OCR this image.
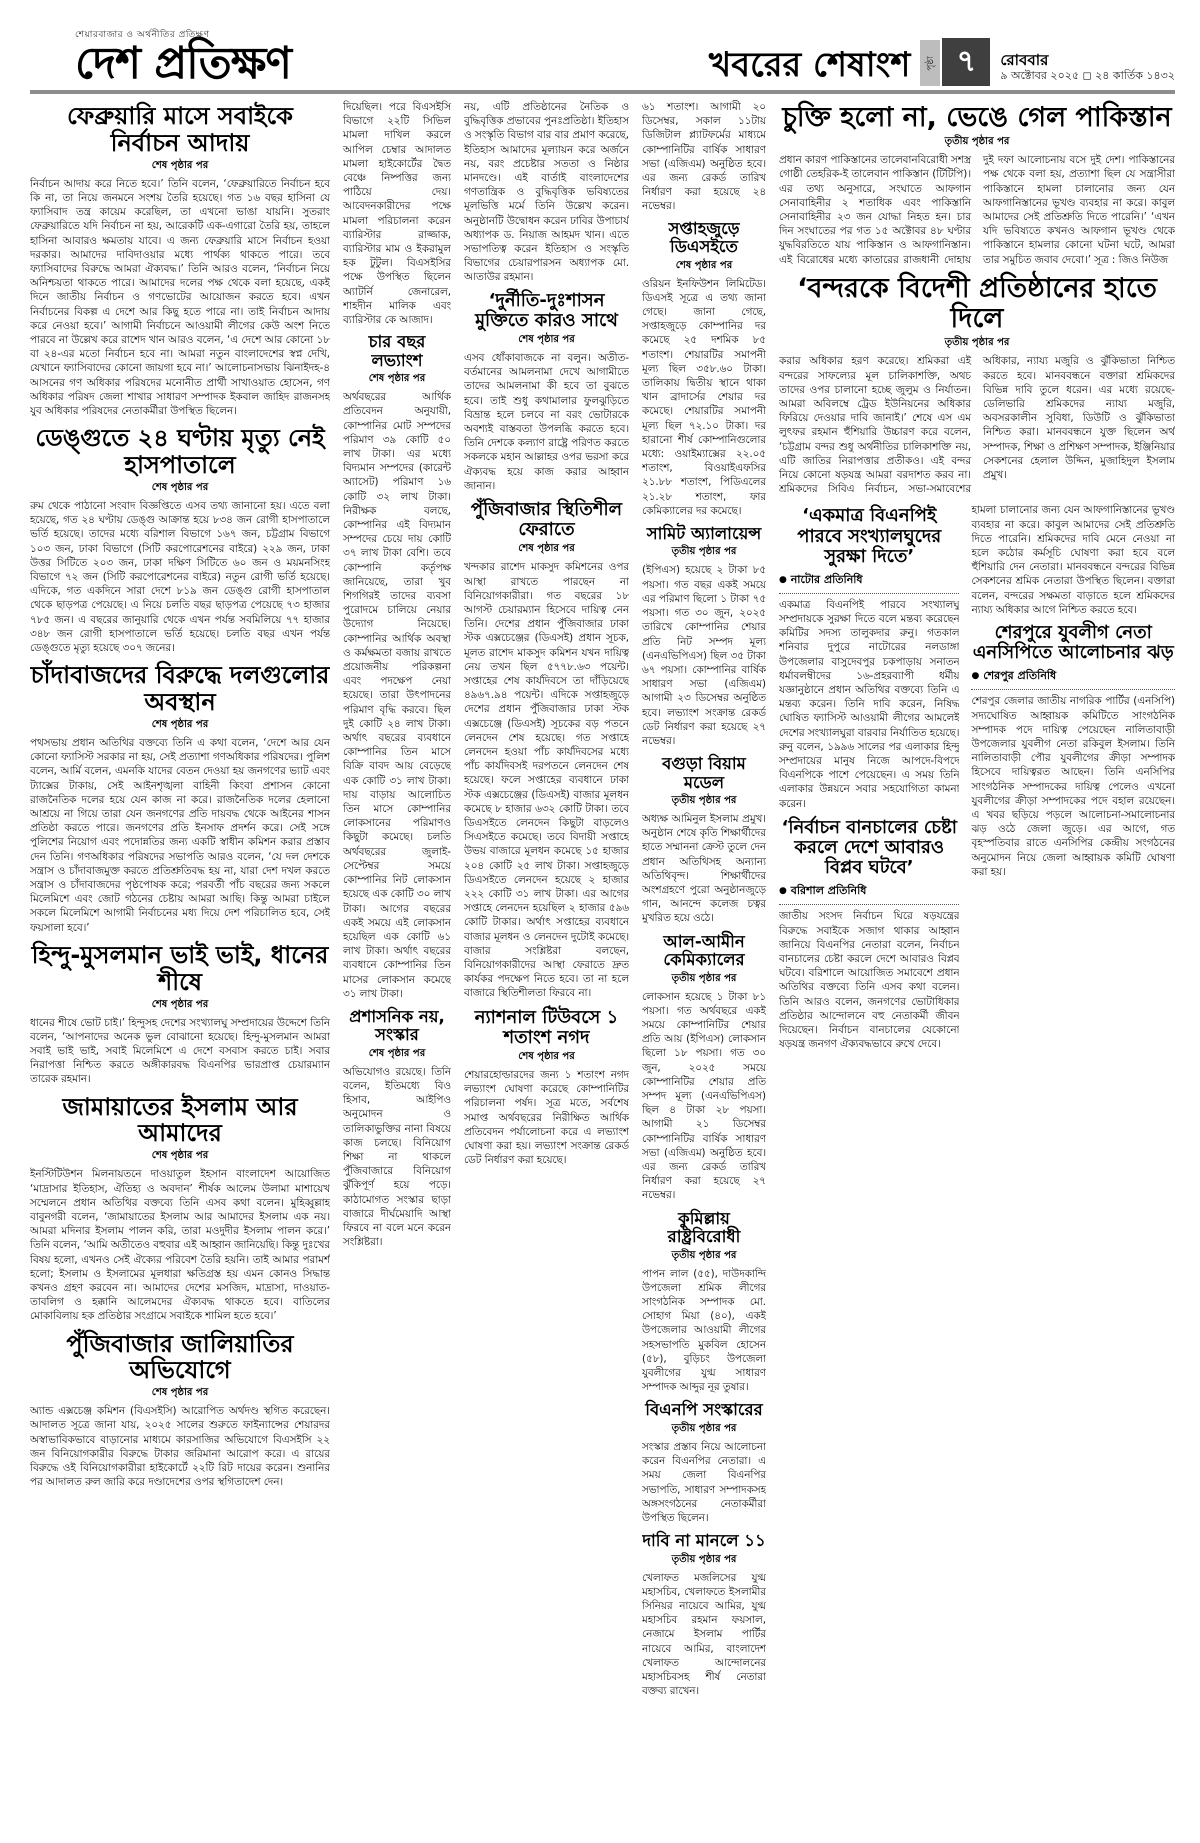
শেয়ারবাজার ও অর্থনীতির প্রতিক্ষণ
দেশ প্রতিক্ষণ	খবরের শেষাংশ	পৃষ্ঠা ৭	রোববার
৯ অক্টোবর ২০২৫ ◻ ২৪ কার্তিক ১৪৩২
ফেব্রুয়ারি মাসে সবাইকে নির্বাচন আদায়
শেষ পৃষ্ঠার পর

নির্বাচন আদায় করে নিতে হবে।’ তিনি বলেন, ‘ফেব্রুয়ারিতে নির্বাচন হবে কি না, তা নিয়ে জনমনে সংশয় তৈরি হয়েছে। গত ১৬ বছর হাসিনা যে ফ্যাসিবাদ তন্ত্র কায়েম করেছিল, তা এখনো ভাঙা যায়নি। সুতরাং ফেব্রুয়ারিতে যদি নির্বাচন না হয়, আরেকটি এক-এগারো তৈরি হয়, তাহলে হাসিনা আবারও ক্ষমতায় যাবে। এ জন্য ফেব্রুয়ারি মাসে নির্বাচন হওয়া দরকার। আমাদের দাবিদাওয়ার মধ্যে পার্থক্য থাকতে পারে। তবে ফ্যাসিবাদের বিরুদ্ধে আমরা ঐক্যবদ্ধ।’ তিনি আরও বলেন, ‘নির্বাচন নিয়ে অনিশ্চয়তা থাকতে পারে। আমাদের দলের পক্ষ থেকে বলা হয়েছে, একই দিনে জাতীয় নির্বাচন ও গণভোটের আয়োজন করতে হবে। এখন নির্বাচনের বিকল্প এ দেশে আর কিছু হতে পারে না। তাই নির্বাচন আদায় করে নেওয়া হবে।’ আগামী নির্বাচনে আওয়ামী লীগের কেউ অংশ নিতে পারবে না উল্লেখ করে রাশেদ খান আরও বলেন, ‘এ দেশে আর কোনো ১৮ বা ২৪-এর মতো নির্বাচন হবে না। আমরা নতুন বাংলাদেশের স্বপ্ন দেখি, যেখানে ফ্যাসিবাদের কোনো জায়গা হবে না।’ আলোচনাসভায় ঝিনাইদহ-৪ আসনের গণ অধিকার পরিষদের মনোনীত প্রার্থী সাখাওয়াত হোসেন, গণ অধিকার পরিষদ জেলা শাখার সাধারণ সম্পাদক ইকবাল জাহিদ রাজনসহ যুব অধিকার পরিষদের নেতাকর্মীরা উপস্থিত ছিলেন।

ডেঙ্গুতে ২৪ ঘণ্টায় মৃত্যু নেই হাসপাতালে
শেষ পৃষ্ঠার পর

রুম থেকে পাঠানো সংবাদ বিজ্ঞপ্তিতে এসব তথ্য জানানো হয়। এতে বলা হয়েছে, গত ২৪ ঘণ্টায় ডেঙ্গু আক্রান্ত হয়ে ৮৩৪ জন রোগী হাসপাতালে ভর্তি হয়েছে। তাদের মধ্যে বরিশাল বিভাগে ১৬৭ জন, চট্টগ্রাম বিভাগে ১০৩ জন, ঢাকা বিভাগে (সিটি করপোরেশনের বাইরে) ২২৯ জন, ঢাকা উত্তর সিটিতে ২০৩ জন, ঢাকা দক্ষিণ সিটিতে ৬০ জন ও ময়মনসিংহ বিভাগে ৭২ জন (সিটি করপোরেশনের বাইরে) নতুন রোগী ভর্তি হয়েছে। এদিকে, গত একদিনে সারা দেশে ৮১৯ জন ডেঙ্গু রোগী হাসপাতাল থেকে ছাড়পত্র পেয়েছে। এ নিয়ে চলতি বছর ছাড়পত্র পেয়েছে ৭৩ হাজার ৭৮৫ জন। এ বছরের জানুয়ারি থেকে এখন পর্যন্ত সবমিলিয়ে ৭৭ হাজার ৩৪৮ জন রোগী হাসপাতালে ভর্তি হয়েছে। চলতি বছর এখন পর্যন্ত ডেঙ্গুতে মৃত্যু হয়েছে ৩০৭ জনের।

চাঁদাবাজদের বিরুদ্ধে দলগুলোর অবস্থান
শেষ পৃষ্ঠার পর

পথসভায় প্রধান অতিথির বক্তব্যে তিনি এ কথা বলেন, ‘দেশে আর যেন কোনো ফ্যাসিস্ট সরকার না হয়, সেই প্রত্যাশা গণঅধিকার পরিষদের। পুলিশ বলেন, আর্মি বলেন, এমনকি যাদের বেতন দেওয়া হয় জনগণের ভ্যাট এবং ট্যাক্সের টাকায়, সেই আইনশৃঙ্খলা বাহিনী কিংবা প্রশাসন কোনো রাজনৈতিক দলের হয়ে যেন কাজ না করে। রাজনৈতিক দলের হেলানো আশ্রয়ে না গিয়ে তারা যেন জনগণের প্রতি দায়বদ্ধ থেকে আইনের শাসন প্রতিষ্ঠা করতে পারে। জনগণের প্রতি ইনসাফ প্রদর্শন করে। সেই সঙ্গে পুলিশের নিয়োগ এবং পদোন্নতির জন্য একটি স্বাধীন কমিশন করার প্রস্তাব দেন তিনি। গণঅধিকার পরিষদের সভাপতি আরও বলেন, ‘যে দল দেশকে সন্ত্রাস ও চাঁদাবাজমুক্ত করতে প্রতিশ্রুতিবদ্ধ হয় না, যারা দেশ দখল করতে সন্ত্রাস ও চাঁদাবাজদের পৃষ্ঠপোষক করে; পরবর্তী পাঁচ বছরের জন্য সকলে মিলেমিশে এবং জোট গঠনের চেষ্টায় আমরা আছি। কিন্তু আমরা চাইলে সকলে মিলেমিশে আগামী নির্বাচনের মধ্য দিয়ে দেশ পরিচালিত হবে, সেই ফয়সালা হবে।’

হিন্দু-মুসলমান ভাই ভাই, ধানের শীষে
শেষ পৃষ্ঠার পর

ধানের শীষে ভোট চাই।’ হিন্দুসহ দেশের সংখ্যালঘু সম্প্রদায়ের উদ্দেশে তিনি বলেন, ‘আপনাদের অনেক ভুল বোঝানো হয়েছে। হিন্দু-মুসলমান আমরা সবাই ভাই ভাই, সবাই মিলেমিশে এ দেশে বসবাস করতে চাই। সবার নিরাপত্তা নিশ্চিত করতে অঙ্গীকারবদ্ধ বিএনপির ভারপ্রাপ্ত চেয়ারম্যান তারেক রহমান।

জামায়াতের ইসলাম আর আমাদের
শেষ পৃষ্ঠার পর

ইনস্টিটিউশন মিলনায়তনে দাওয়াতুল ইহসান বাংলাদেশ আয়োজিত ‘মাদ্রাসার ইতিহাস, ঐতিহ্য ও অবদান’ শীর্ষক আলেম উলামা মাশায়েখ সম্মেলনে প্রধান অতিথির বক্তব্যে তিনি এসব কথা বলেন। মুহিব্বুল্লাহ বাবুনগরী বলেন, ‘জামায়াতের ইসলাম আর আমাদের ইসলাম এক নয়। আমরা মদিনার ইসলাম পালন করি, তারা মওদুদীর ইসলাম পালন করে।’ তিনি বলেন, ‘আমি অতীতেও বহুবার এই আহ্বান জানিয়েছি। কিন্তু দুঃখের বিষয় হলো, এখনও সেই ঐক্যের পরিবেশ তৈরি হয়নি। তাই আমার পরামর্শ হলো; ইসলাম ও ইসলামের মূলধারা ক্ষতিগ্রস্ত হয় এমন কোনও সিদ্ধান্ত কখনও গ্রহণ করবেন না। আমাদের দেশের মসজিদ, মাদ্রাসা, দাওয়াত-তাবলিগ ও হক্কানি আলেমদের ঐক্যবদ্ধ থাকতে হবে। বাতিলের মোকাবিলায় হক প্রতিষ্ঠার সংগ্রামে সবাইকে শামিল হতে হবে।’

পুঁজিবাজার জালিয়াতির অভিযোগে
শেষ পৃষ্ঠার পর

অ্যান্ড এক্সচেঞ্জ কমিশন (বিএসইসি) আরোপিত অর্থদণ্ড স্থগিত করেছেন। আদালত সূত্রে জানা যায়, ২০২৫ সালের শুরুতে ফাইন্যান্সের শেয়ারদর অস্বাভাবিকভাবে বাড়ানোর মাধ্যমে কারসাজির অভিযোগে বিএসইসি ২২ জন বিনিয়োগকারীর বিরুদ্ধে টাকার জরিমানা আরোপ করে। এ রায়ের বিরুদ্ধে ওই বিনিয়োগকারীরা হাইকোর্টে ২২টি রিট দায়ের করেন। শুনানির পর আদালত রুল জারি করে দণ্ডাদেশের ওপর স্থগিতাদেশ দেন।

দিয়েছিল। পরে বিএসইসি বিভাগে ২২টি সিভিল মামলা দাখিল করলে আপিল চেম্বার আদালত মামলা হাইকোর্টের দ্বৈত বেঞ্চে নিষ্পত্তির জন্য পাঠিয়ে দেয়। আবেদনকারীদের পক্ষে মামলা পরিচালনা করেন ব্যারিস্টার রাজ্জাক, ব্যারিস্টার মাম ও ইকরামুল হক টুটুল। বিএসইসির পক্ষে উপস্থিত ছিলেন অ্যাটর্নি জেনারেল, শাহদীন মালিক এবং ব্যারিস্টার কে আজাদ।

চার বছর লভ্যাংশ
শেষ পৃষ্ঠার পর

অর্থবছরের আর্থিক প্রতিবেদন অনুযায়ী, কোম্পানির মোট সম্পদের পরিমাণ ৩৯ কোটি ৫০ লাখ টাকা। এর মধ্যে বিদ্যমান সম্পদের (কারেন্ট অ্যাসেট) পরিমাণ ১৬ কোটি ৩২ লাখ টাকা। নিরীক্ষক বলছে, কোম্পানির এই বিদ্যমান সম্পদের চেয়ে দায় কোটি ৩৭ লাখ টাকা বেশি। তবে কোম্পানি কর্তৃপক্ষ জানিয়েছে, তারা খুব শিগগিরই তাদের ব্যবসা পুরোদমে চালিয়ে নেয়ার উদ্যোগ নিয়েছে। কোম্পানির আর্থিক অবস্থা ও কর্মক্ষমতা বজায় রাখতে প্রয়োজনীয় পরিকল্পনা এবং পদক্ষেপ নেয়া হয়েছে। তারা উৎপাদনের পরিমাণ বৃদ্ধি করবে। ছিল দুই কোটি ২৪ লাখ টাকা। অর্থাৎ বছরের ব্যবধানে কোম্পানির তিন মাসে বিক্রি বাবদ আয় বেড়েছে এক কোটি ৩১ লাখ টাকা। দায় বাড়ায় আলোচিত তিন মাসে কোম্পানির লোকসানের পরিমাণও কিছুটা কমেছে। চলতি অর্থবছরের জুলাই-সেপ্টেম্বর সময়ে কোম্পানির নিট লোকসান হয়েছে এক কোটি ৩০ লাখ টাকা। আগের বছরের একই সময়ে এই লোকসান হয়েছিল এক কোটি ৬১ লাখ টাকা। অর্থাৎ বছরের ব্যবধানে কোম্পানির তিন মাসের লোকসান কমেছে ৩১ লাখ টাকা।

প্রশাসনিক নয়, সংস্কার
শেষ পৃষ্ঠার পর

অভিযোগও রয়েছে। তিনি বলেন, ইতিমধ্যে বিও হিসাব, আইপিও অনুমোদন ও তালিকাভুক্তির নানা বিষয়ে কাজ চলছে। বিনিয়োগ শিক্ষা না থাকলে পুঁজিবাজারে বিনিয়োগ ঝুঁকিপূর্ণ হয়ে পড়ে। কাঠামোগত সংস্কার ছাড়া বাজারে দীর্ঘমেয়াদি আস্থা ফিরবে না বলে মনে করেন সংশ্লিষ্টরা।

নয়, এটি প্রতিষ্ঠানের নৈতিক ও বুদ্ধিবৃত্তিক প্রভাবের পুনঃপ্রতিষ্ঠা। ইতিহাস ও সংস্কৃতি বিভাগ বার বার প্রমাণ করেছে, ইতিহাস আমাদের মূল্যায়ন করে অর্জনে নয়, বরং প্রচেষ্টার সততা ও নিষ্ঠার মানদণ্ডে। এই বার্তাই বাংলাদেশের গণতান্ত্রিক ও বুদ্ধিবৃত্তিক ভবিষ্যতের মূলভিত্তি মর্মে তিনি উল্লেখ করেন। অনুষ্ঠানটি উদ্বোধন করেন ঢাবির উপাচার্য অধ্যাপক ড. নিয়াজ আহমদ খান। এতে সভাপতিত্ব করেন ইতিহাস ও সংস্কৃতি বিভাগের চেয়ারপারসন অধ্যাপক মো. আতাউর রহমান।

‘দুর্নীতি-দুঃশাসন মুক্তিতে কারও সাথে
শেষ পৃষ্ঠার পর

এসব ধোঁকাবাজকে না বলুন। অতীত-বর্তমানের আমলনামা দেখে আগামীতে তাদের আমলনামা কী হবে তা বুঝতে হবে। তাই শুধু কথামালার ফুলঝুড়িতে বিভ্রান্ত হলে চলবে না বরং ভোটারকে অবশ্যই বাস্তবতা উপলব্ধি করতে হবে। তিনি দেশকে কল্যাণ রাষ্ট্রে পরিণত করতে সকলকে মহান আল্লাহর ওপর ভরসা করে ঐক্যবদ্ধ হয়ে কাজ করার আহ্বান জানান।

পুঁজিবাজার স্থিতিশীল ফেরাতে
শেষ পৃষ্ঠার পর

খন্দকার রাশেদ মাকসুদ কমিশনের ওপর আস্থা রাখতে পারছেন না বিনিয়োগকারীরা। গত বছরের ১৮ আগস্ট চেয়ারম্যান হিসেবে দায়িত্ব নেন তিনি। দেশের প্রধান পুঁজিবাজার ঢাকা স্টক এক্সচেঞ্জের (ডিএসই) প্রধান সূচক, মূলত রাশেদ মাকসুদ কমিশন যখন দায়িত্ব নেয় তখন ছিল ৫৭৭৮.৬৩ পয়েন্ট। সপ্তাহের শেষ কার্যদিবসে তা দাঁড়িয়েছে ৪৯৬৭.৯৪ পয়েন্ট। এদিকে সপ্তাহজুড়ে দেশের প্রধান পুঁজিবাজার ঢাকা স্টক এক্সচেঞ্জে (ডিএসই) সূচকের বড় পতনে লেনদেন শেষ হয়েছে। গত সপ্তাহে লেনদেন হওয়া পাঁচ কার্যদিবসের মধ্যে পাঁচ কার্যদিবসই দরপতনে লেনদেন শেষ হয়েছে। ফলে সপ্তাহের ব্যবধানে ঢাকা স্টক এক্সচেঞ্জের (ডিএসই) বাজার মূলধন কমেছে ৮ হাজার ৬৩২ কোটি টাকা। তবে ডিএসইতে লেনদেন কিছুটা বাড়লেও সিএসইতে কমেছে। তবে বিদায়ী সপ্তাহে উভয় বাজারে মূলধন কমেছে ১৫ হাজার ২০৪ কোটি ২৫ লাখ টাকা। সপ্তাহজুড়ে ডিএসইতে লেনদেন হয়েছে ২ হাজার ২২২ কোটি ৩১ লাখ টাকা। এর আগের সপ্তাহে লেনদেন হয়েছিল ২ হাজার ৫৯৬ কোটি টাকার। অর্থাৎ সপ্তাহের ব্যবধানে বাজার মূলধন ও লেনদেন দুটোই কমেছে। বাজার সংশ্লিষ্টরা বলছেন, বিনিয়োগকারীদের আস্থা ফেরাতে দ্রুত কার্যকর পদক্ষেপ নিতে হবে। তা না হলে বাজারে স্থিতিশীলতা ফিরবে না।

ন্যাশনাল টিউবসে ১ শতাংশ নগদ
শেষ পৃষ্ঠার পর

শেয়ারহোল্ডারদের জন্য ১ শতাংশ নগদ লভ্যাংশ ঘোষণা করেছে কোম্পানিটির পরিচালনা পর্ষদ। সূত্র মতে, সর্বশেষ সমাপ্ত অর্থবছরের নিরীক্ষিত আর্থিক প্রতিবেদন পর্যালোচনা করে এ লভ্যাংশ ঘোষণা করা হয়। লভ্যাংশ সংক্রান্ত রেকর্ড ডেট নির্ধারণ করা হয়েছে।

৬১ শতাংশ। আগামী ২০ ডিসেম্বর, সকাল ১১টায় ডিজিটাল প্ল্যাটফর্মের মাধ্যমে কোম্পানিটির বার্ষিক সাধারণ সভা (এজিএম) অনুষ্ঠিত হবে। এর জন্য রেকর্ড তারিখ নির্ধারণ করা হয়েছে ২৪ নভেম্বর।

সপ্তাহজুড়ে ডিএসইতে
শেষ পৃষ্ঠার পর

ওরিয়ন ইনফিউশন লিমিটেড। ডিএসই সূত্রে এ তথ্য জানা গেছে। জানা গেছে, সপ্তাহজুড়ে কোম্পানির দর কমেছে ২৫ দশমিক ৮৫ শতাংশ। শেয়ারটির সমাপনী মূল্য ছিল ৩৫৮.৬০ টাকা। তালিকায় দ্বিতীয় স্থানে থাকা খান ব্রাদার্সের শেয়ার দর কমেছে। শেয়ারটির সমাপনী মূল্য ছিল ৭২.১০ টাকা। দর হারানো শীর্ষ কোম্পানিগুলোর মধ্যে: ওয়াইম্যাক্সের ২২.০৫ শতাংশ, বিওয়াইএফসির ২১.৮৮ শতাংশ, পিডিএলের ২১.২৮ শতাংশ, ফার কেমিক্যালের দর কমেছে।

সামিট অ্যালায়েন্স
তৃতীয় পৃষ্ঠার পর

(ইপিএস) হয়েছে ২ টাকা ৮৫ পয়সা। গত বছর একই সময়ে এর পরিমাণ ছিলো ১ টাকা ৭৫ পয়সা। গত ৩০ জুন, ২০২৫ তারিখে কোম্পানির শেয়ার প্রতি নিট সম্পদ মূল্য (এনএভিপিএস) ছিল ৩৫ টাকা ৬৭ পয়সা। কোম্পানির বার্ষিক সাধারণ সভা (এজিএম) আগামী ২৩ ডিসেম্বর অনুষ্ঠিত হবে। লভ্যাংশ সংক্রান্ত রেকর্ড ডেট নির্ধারণ করা হয়েছে ২৭ নভেম্বর।

বগুড়া বিয়াম মডেল
তৃতীয় পৃষ্ঠার পর

অধ্যক্ষ আমিনুল ইসলাম প্রমুখ। অনুষ্ঠান শেষে কৃতি শিক্ষার্থীদের হাতে সম্মাননা ক্রেস্ট তুলে দেন প্রধান অতিথিসহ অন্যান্য অতিথিবৃন্দ। শিক্ষার্থীদের অংশগ্রহণে পুরো অনুষ্ঠানজুড়ে গান, আনন্দে কলেজ চত্বর মুখরিত হয়ে ওঠে।

আল-আমীন কেমিক্যালের
তৃতীয় পৃষ্ঠার পর

লোকসান হয়েছে ১ টাকা ৮১ পয়সা। গত অর্থবছরে একই সময়ে কোম্পানিটির শেয়ার প্রতি আয় (ইপিএস) লোকসান ছিলো ১৮ পয়সা। গত ৩০ জুন, ২০২৫ সময়ে কোম্পানিটির শেয়ার প্রতি সম্পদ মূল্য (এনএভিপিএস) ছিল ৪ টাকা ২৮ পয়সা। আগামী ২১ ডিসেম্বর কোম্পানিটির বার্ষিক সাধারণ সভা (এজিএম) অনুষ্ঠিত হবে। এর জন্য রেকর্ড তারিখ নির্ধারণ করা হয়েছে ২৭ নভেম্বর।

কুমিল্লায় রাষ্ট্রবিরোধী
তৃতীয় পৃষ্ঠার পর

পাপন লাল (৫৫), দাউদকান্দি উপজেলা শ্রমিক লীগের সাংগঠনিক সম্পাদক মো. সোহাগ মিয়া (৪০), একই উপজেলার আওয়ামী লীগের সহসভাপতি মুকবিল হোসেন (৫৮), বুড়িচং উপজেলা যুবলীগের যুগ্ম সাধারণ সম্পাদক আব্দুর নূর তুষার।

বিএনপি সংস্কারের
তৃতীয় পৃষ্ঠার পর

সংস্কার প্রস্তাব নিয়ে আলোচনা করেন বিএনপির নেতারা। এ সময় জেলা বিএনপির সভাপতি, সাধারণ সম্পাদকসহ অঙ্গসংগঠনের নেতাকর্মীরা উপস্থিত ছিলেন।

দাবি না মানলে ১১
তৃতীয় পৃষ্ঠার পর

খেলাফত মজলিসের যুগ্ম মহাসচিব, খেলাফতে ইসলামীর সিনিয়র নায়েবে আমির, যুগ্ম মহাসচিব রহমান ফয়সাল, নেজামে ইসলাম পার্টির নায়েবে আমির, বাংলাদেশ খেলাফত আন্দোলনের মহাসচিবসহ শীর্ষ নেতারা বক্তব্য রাখেন।

চুক্তি হলো না, ভেঙে গেল পাকিস্তান
তৃতীয় পৃষ্ঠার পর

প্রধান কারণ পাকিস্তানের তালেবানবিরোধী সশস্ত্র গোষ্ঠী তেহরিক-ই তালেবান পাকিস্তান (টিটিপি)। এর তথ্য অনুসারে, সংঘাতে আফগান সেনাবাহিনীর ২ শতাধিক এবং পাকিস্তানি সেনাবাহিনীর ২৩ জন যোদ্ধা নিহত হন। চার দিন সংঘাতের পর গত ১৫ অক্টোবর ৪৮ ঘণ্টার যুদ্ধবিরতিতে যায় পাকিস্তান ও আফগানিস্তান। এই বিরোধের মধ্যে কাতারের রাজধানী দোহায় দুই দফা আলোচনায় বসে দুই দেশ। পাকিস্তানের পক্ষ থেকে বলা হয়, প্রত্যাশা ছিল যে সন্ত্রাসীরা পাকিস্তানে হামলা চালানোর জন্য যেন আফগানিস্তানের ভূখণ্ড ব্যবহার না করে। কাবুল আমাদের সেই প্রতিশ্রুতি দিতে পারেনি।’ ‘এখন যদি ভবিষ্যতে কখনও আফগান ভূখণ্ড থেকে পাকিস্তানে হামলার কোনো ঘটনা ঘটে, আমরা তার সমুচিত জবাব দেবো।’ সূত্র : জিও নিউজ

‘বন্দরকে বিদেশী প্রতিষ্ঠানের হাতে দিলে
তৃতীয় পৃষ্ঠার পর

করার অধিকার হরণ করেছে। শ্রমিকরা এই বন্দরের সাফল্যের মূল চালিকাশক্তি, অথচ তাদের ওপর চালানো হচ্ছে জুলুম ও নির্যাতন। আমরা অবিলম্বে ট্রেড ইউনিয়নের অধিকার ফিরিয়ে দেওয়ার দাবি জানাই।’ শেষে এস এম লুৎফর রহমান হুঁশিয়ারি উচ্চারণ করে বলেন, ‘চট্টগ্রাম বন্দর শুধু অর্থনীতির চালিকাশক্তি নয়, এটি জাতির নিরাপত্তার প্রতীকও। এই বন্দর নিয়ে কোনো ষড়যন্ত্র আমরা বরদাশত করব না। শ্রমিকদের সিবিএ নির্বাচন, সভা-সমাবেশের অধিকার, ন্যায্য মজুরি ও ঝুঁকিভাতা নিশ্চিত করতে হবে। মানববন্ধনে বক্তারা শ্রমিকদের বিভিন্ন দাবি তুলে ধরেন। এর মধ্যে রয়েছে- ডেলিভারি শ্রমিকদের ন্যায্য মজুরি, অবসরকালীন সুবিধা, ডিউটি ও ঝুঁকিভাতা নিশ্চিত করা। মানববন্ধনে যুক্ত ছিলেন অর্থ সম্পাদক, শিক্ষা ও প্রশিক্ষণ সম্পাদক, ইঞ্জিনিয়ার সেকশনের হেলাল উদ্দিন, মুজাহিদুল ইসলাম প্রমুখ।

‘একমাত্র বিএনপিই পারবে সংখ্যালঘুদের সুরক্ষা দিতে’
● নাটোর প্রতিনিধি

একমাত্র বিএনপিই পারবে সংখ্যালঘু সম্প্রদায়কে সুরক্ষা দিতে বলে মন্তব্য করেছেন কমিটির সদস্য তালুকদার রুনু। গতকাল শনিবার দুপুরে নাটোরের নলডাঙ্গা উপজেলার বাসুদেবপুর চকপাড়ায় সনাতন ধর্মাবলম্বীদের ১৬-প্রহরব্যাপী ধর্মীয় যজ্ঞানুষ্ঠানে প্রধান অতিথির বক্তব্যে তিনি এ মন্তব্য করেন। তিনি দাবি করেন, নিষিদ্ধ ঘোষিত ফ্যাসিস্ট আওয়ামী লীগের আমলেই দেশের সংখ্যালঘুরা বারবার নির্যাতিত হয়েছে। রুনু বলেন, ১৯৯৬ সালের পর এলাকার হিন্দু সম্প্রদায়ের মানুষ নিজে আপদে-বিপদে বিএনপিকে পাশে পেয়েছেন। এ সময় তিনি এলাকার উন্নয়নে সবার সহযোগিতা কামনা করেন।

‘নির্বাচন বানচালের চেষ্টা করলে দেশে আবারও বিপ্লব ঘটবে’
● বরিশাল প্রতিনিধি

জাতীয় সংসদ নির্বাচন ঘিরে ষড়যন্ত্রের বিরুদ্ধে সবাইকে সজাগ থাকার আহ্বান জানিয়ে বিএনপির নেতারা বলেন, নির্বাচন বানচালের চেষ্টা করলে দেশে আবারও বিপ্লব ঘটবে। বরিশালে আয়োজিত সমাবেশে প্রধান অতিথির বক্তব্যে তিনি এসব কথা বলেন। তিনি আরও বলেন, জনগণের ভোটাধিকার প্রতিষ্ঠার আন্দোলনে বহু নেতাকর্মী জীবন দিয়েছেন। নির্বাচন বানচালের যেকোনো ষড়যন্ত্র জনগণ ঐক্যবদ্ধভাবে রুখে দেবে।

হামলা চালানোর জন্য যেন আফগানিস্তানের ভূখণ্ড ব্যবহার না করে। কাবুল আমাদের সেই প্রতিশ্রুতি দিতে পারেনি। শ্রমিকদের দাবি মেনে নেওয়া না হলে কঠোর কর্মসূচি ঘোষণা করা হবে বলে হুঁশিয়ারি দেন নেতারা। মানববন্ধনে বন্দরের বিভিন্ন সেকশনের শ্রমিক নেতারা উপস্থিত ছিলেন। বক্তারা বলেন, বন্দরের সক্ষমতা বাড়াতে হলে শ্রমিকদের ন্যায্য অধিকার আগে নিশ্চিত করতে হবে।

শেরপুরে যুবলীগ নেতা এনসিপিতে আলোচনার ঝড়
● শেরপুর প্রতিনিধি

শেরপুর জেলার জাতীয় নাগরিক পার্টির (এনসিপি) সদ্যঘোষিত আহ্বায়ক কমিটিতে সাংগঠনিক সম্পাদক পদে দায়িত্ব পেয়েছেন নালিতাবাড়ী উপজেলার যুবলীগ নেতা রকিবুল ইসলাম। তিনি নালিতাবাড়ী পৌর যুবলীগের ক্রীড়া সম্পাদক হিসেবে দায়িত্বরত আছেন। তিনি এনসিপির সাংগঠনিক সম্পাদকের দায়িত্ব পেলেও এখনো যুবলীগের ক্রীড়া সম্পাদকের পদে বহাল রয়েছেন। এ খবর ছড়িয়ে পড়লে আলোচনা-সমালোচনার ঝড় ওঠে জেলা জুড়ে। এর আগে, গত বৃহস্পতিবার রাতে এনসিপির কেন্দ্রীয় সংগঠনের অনুমোদন নিয়ে জেলা আহ্বায়ক কমিটি ঘোষণা করা হয়।
